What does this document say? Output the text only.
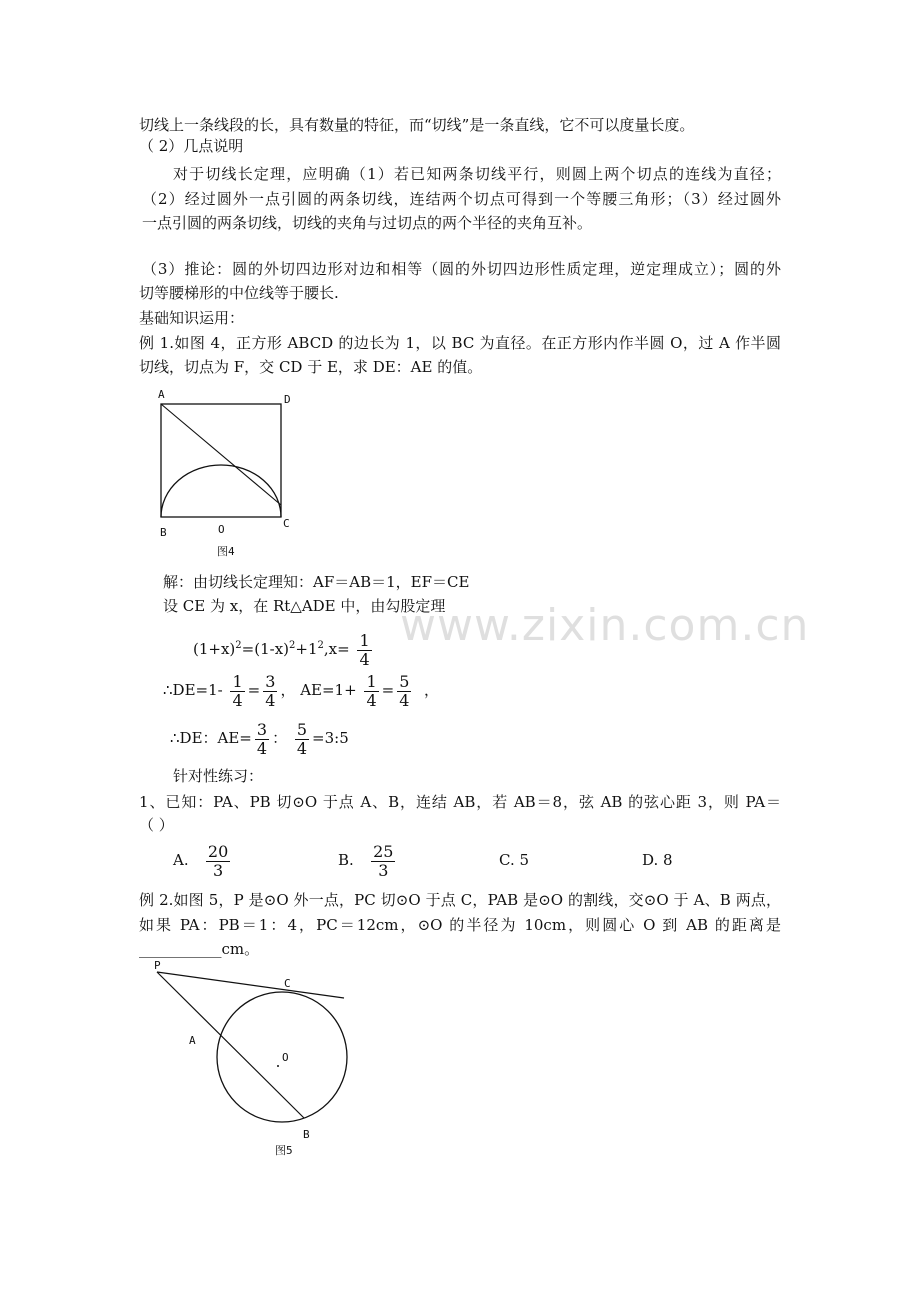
切线上一条线段的长，具有数量的特征，而“切线”是一条直线，它不可以度量长度。
（ 2）几点说明
对于切线长定理，应明确（1）若已知两条切线平行，则圆上两个切点的连线为直径；
（2）经过圆外一点引圆的两条切线，连结两个切点可得到一个等腰三角形；（3）经过圆外
一点引圆的两条切线，切线的夹角与过切点的两个半径的夹角互补。
（3）推论：圆的外切四边形对边和相等（圆的外切四边形性质定理，逆定理成立）；圆的外
切等腰梯形的中位线等于腰长.
基础知识运用：
例 1.如图 4，正方形 ABCD 的边长为 1，以 BC 为直径。在正方形内作半圆 O，过 A 作半圆
切线，切点为 F，交 CD 于 E，求 DE：AE 的值。
A	D
B	O	C
图4
解：由切线长定理知：AF＝AB＝1，EF＝CE
设 CE 为 x，在 Rt△ADE 中，由勾股定理
$(1+x)^2=(1-x)^2+1^2,x= \frac{1}{4}$
∴DE=1- $\frac{1}{4} = \frac{3}{4}$ ， $AE=1+ \frac{1}{4} = \frac{5}{4}$ ，
∴DE：$AE= \frac{3}{4}$ ： $\frac{5}{4}$ =3:5
针对性练习：
1、已知：PA、PB 切⊙O 于点 A、B，连结 AB，若 AB＝8，弦 AB 的弦心距 3，则 PA＝
（ ）
A. $\frac{20}{3}$	B. $\frac{25}{3}$	C. 5	D. 8
例 2.如图 5，P 是⊙O 外一点，PC 切⊙O 于点 C，PAB 是⊙O 的割线，交⊙O 于 A、B 两点，
如果 PA：PB＝1：4，PC＝12cm，⊙O 的半径为 10cm，则圆心 O 到 AB 的距离是
___________cm。
P
C
A
O
B
图5
www.zixin.com.cn
